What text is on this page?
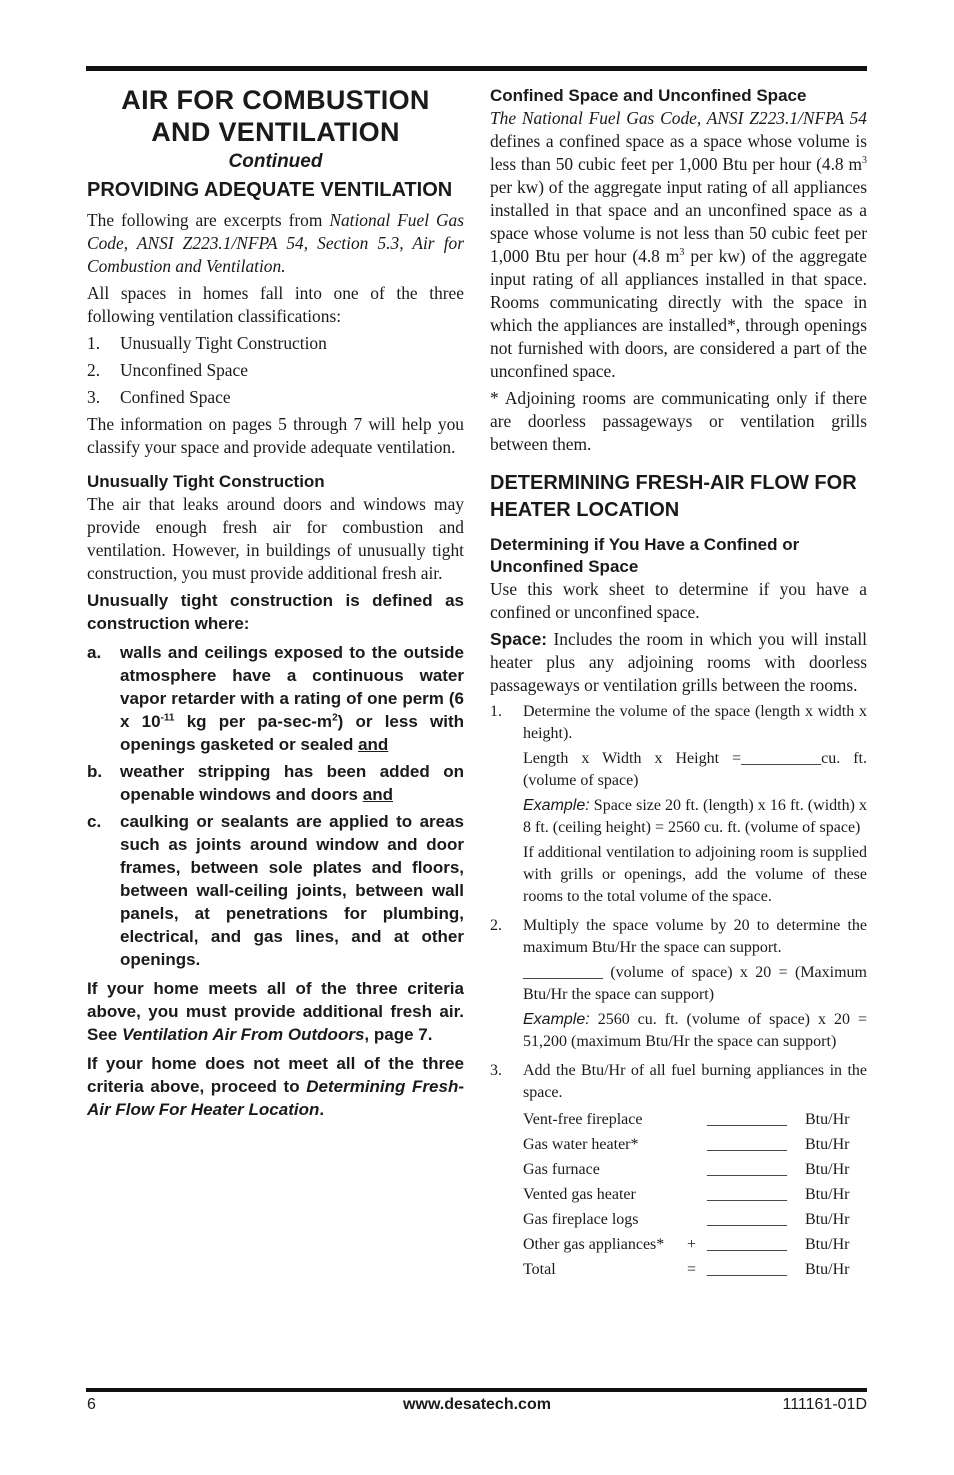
AIR FOR COMBUSTION
AND VENTILATION
Continued
PROVIDING ADEQUATE VENTILATION

The following are excerpts from National Fuel Gas Code, ANSI Z223.1/NFPA 54, Section 5.3, Air for Combustion and Ventilation.

All spaces in homes fall into one of the three following ventilation classifications:

1.	Unusually Tight Construction
2.	Unconfined Space
3.	Confined Space

The information on pages 5 through 7 will help you classify your space and provide adequate ventilation.

Unusually Tight Construction

The air that leaks around doors and windows may provide enough fresh air for combustion and ventilation. However, in buildings of unusually tight construction, you must provide additional fresh air.

Unusually tight construction is defined as construction where:

a.	walls and ceilings exposed to the outside atmosphere have a continuous water vapor retarder with a rating of one perm (6 x $10^{-11}$ kg per $pa-\sec-m^2$) or less with openings gasketed or sealed and
b.	weather stripping has been added on openable windows and doors and
c.	caulking or sealants are applied to areas such as joints around window and door frames, between sole plates and floors, between wall-ceiling joints, between wall panels, at penetrations for plumbing, electrical, and gas lines, and at other openings.

If your home meets all of the three criteria above, you must provide additional fresh air. See Ventilation Air From Outdoors, page 7.

If your home does not meet all of the three criteria above, proceed to Determining Fresh-Air Flow For Heater Location.

Confined Space and Unconfined Space

The National Fuel Gas Code, ANSI Z223.1/NFPA 54 defines a confined space as a space whose volume is less than 50 cubic feet per 1,000 Btu per hour (4.8 $m^3$ per kw) of the aggregate input rating of all appliances installed in that space and an unconfined space as a space whose volume is not less than 50 cubic feet per 1,000 Btu per hour (4.8 $m^3$ per kw) of the aggregate input rating of all appliances installed in that space. Rooms communicating directly with the space in which the appliances are installed*, through openings not furnished with doors, are considered a part of the unconfined space.

* Adjoining rooms are communicating only if there are doorless passageways or ventilation grills between them.

DETERMINING FRESH-AIR FLOW FOR HEATER LOCATION
Determining if You Have a Confined or Unconfined Space

Use this work sheet to determine if you have a confined or unconfined space.

Space: Includes the room in which you will install heater plus any adjoining rooms with doorless passageways or ventilation grills between the rooms.

1.	Determine the volume of the space (length x width x height).

Length x Width x Height =__________cu. ft. (volume of space)

Example: Space size 20 ft. (length) x 16 ft. (width) x 8 ft. (ceiling height) = 2560 cu. ft. (volume of space)

If additional ventilation to adjoining room is supplied with grills or openings, add the volume of these rooms to the total volume of the space.

2.	Multiply the space volume by 20 to determine the maximum Btu/Hr the space can support.

__________ (volume of space) x 20 = (Maximum Btu/Hr the space can support)

Example: 2560 cu. ft. (volume of space) x 20 = 51,200 (maximum Btu/Hr the space can support)

3.	Add the Btu/Hr of all fuel burning appliances in the space.

Vent-free fireplace	__________	Btu/Hr
Gas water heater*	__________	Btu/Hr
Gas furnace	__________	Btu/Hr
Vented gas heater	__________	Btu/Hr
Gas fireplace logs	__________	Btu/Hr
Other gas appliances*	+ __________	Btu/Hr
Total	= __________	Btu/Hr
6	www.desatech.com	111161-01D
